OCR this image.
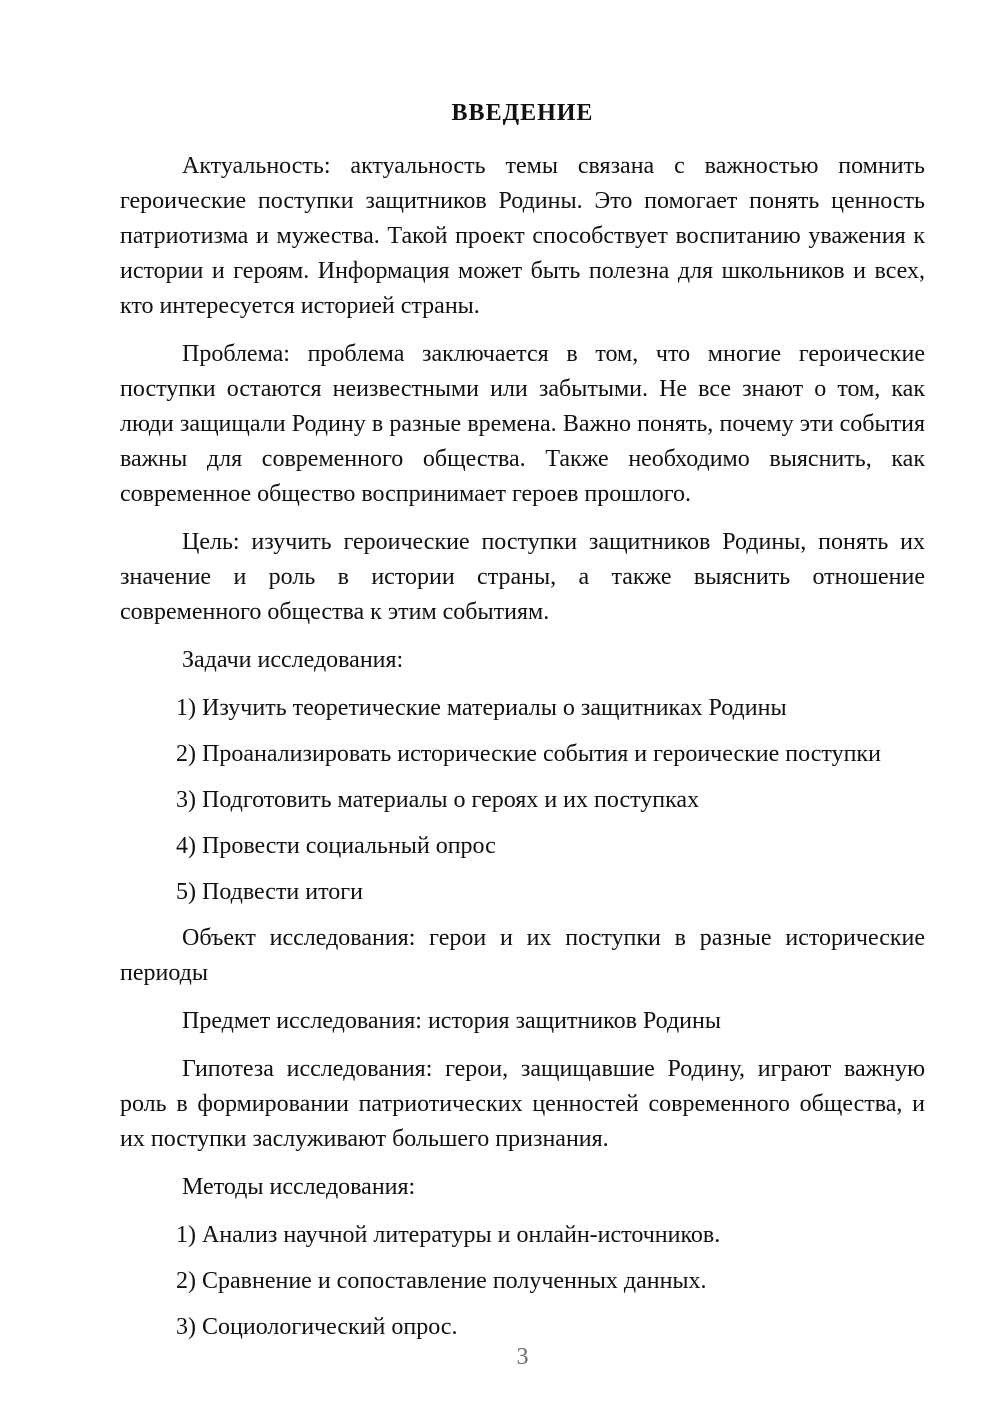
ВВЕДЕНИЕ

Актуальность: актуальность темы связана с важностью помнить героические поступки защитников Родины. Это помогает понять ценность патриотизма и мужества. Такой проект способствует воспитанию уважения к истории и героям. Информация может быть полезна для школьников и всех, кто интересуется историей страны.

Проблема: проблема заключается в том, что многие героические поступки остаются неизвестными или забытыми. Не все знают о том, как люди защищали Родину в разные времена. Важно понять, почему эти события важны для современного общества. Также необходимо выяснить, как современное общество воспринимает героев прошлого.

Цель: изучить героические поступки защитников Родины, понять их значение и роль в истории страны, а также выяснить отношение современного общества к этим событиям.

Задачи исследования:

1) Изучить теоретические материалы о защитниках Родины

2) Проанализировать исторические события и героические поступки

3) Подготовить материалы о героях и их поступках

4) Провести социальный опрос

5) Подвести итоги

Объект исследования: герои и их поступки в разные исторические периоды

Предмет исследования: история защитников Родины

Гипотеза исследования: герои, защищавшие Родину, играют важную роль в формировании патриотических ценностей современного общества, и их поступки заслуживают большего признания.

Методы исследования:

1) Анализ научной литературы и онлайн-источников.

2) Сравнение и сопоставление полученных данных.

3) Социологический опрос.

3
